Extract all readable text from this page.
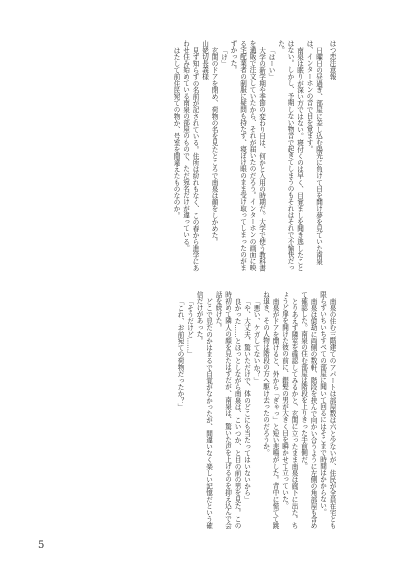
はつ恋注意報

日曜日の昼過ぎ、部屋に差し込む陽光に負けて目を開け夢を見ていた南泉は、インターホンの音で目を覚ます。

南泉は眠りが深い方ではない。寝付くのは早く、目覚ましを聞き逃したことはない。しかし、予期しない物音で起きてしまうのもそれはそれで不愉快だった。

「はーい」

大学の新学期や季節の変わり目は、何かと入用の時期だ。大学で使う教科書を通販で注文していたから、それが届いたのだろう。インターホンの画面に映る宅配業者の制服に疑問も持たず、寝ぼけ眼のまま受け取ってしまったのがまずかった。

「け」

玄関のドアを閉め、荷物の名を見たところで南泉は顔をしかめた。

山姥切長義様

見ず知らずの名前が記されている。住所は紛れもなく、この春から進学にあわせ住み始めている南泉の部屋のもので、ただ宛名だけが違っている。

はたして前住民宛ての物か、号室を間違えたものなのか。

南泉の住む三階建てのアパートは部屋数は六と少ないが、住民が全員在宅とも限らずいちいちすべての部屋に聞いて回るにはそこまで時間はかからない。

南泉は億劫に両側の数軒、階段を挟んで向かい合うように左側の角部屋も含めて確認した。南泉の住む部屋は階段を上りきった手前側だ。

とりあえず隣室を確認してみるかと、玄関に立ったまま南泉は廊下に出た。ちょうど扉を開けた彼の前に、銀髪の男が大きく目を瞬かせて立っていた。

南泉がドアを開けると、外から「ぎゃっ」と短い悲鳴がした。背中に慌てて跳ね退き、その人物は階段の方へ駆け去ったのだろうか。

「悪い、ケガしてないか？」

「や、大丈夫、驚いただけで、体のどこにも当たってはいないから」

良かった……とほっとしながら南泉は、こいつか、と目の前の男を見た。この時初めて隣人の顔を見たはずだが、南泉は、驚いた声を上げるのを抑え込んで会話を続けた。

どこで見たのかはまるで自覚がなかったが、間違いなく楽しい記憶だという確信だけがあった。

「そうだけど……」

「これ、お前宛ての荷物だったか？」

5
